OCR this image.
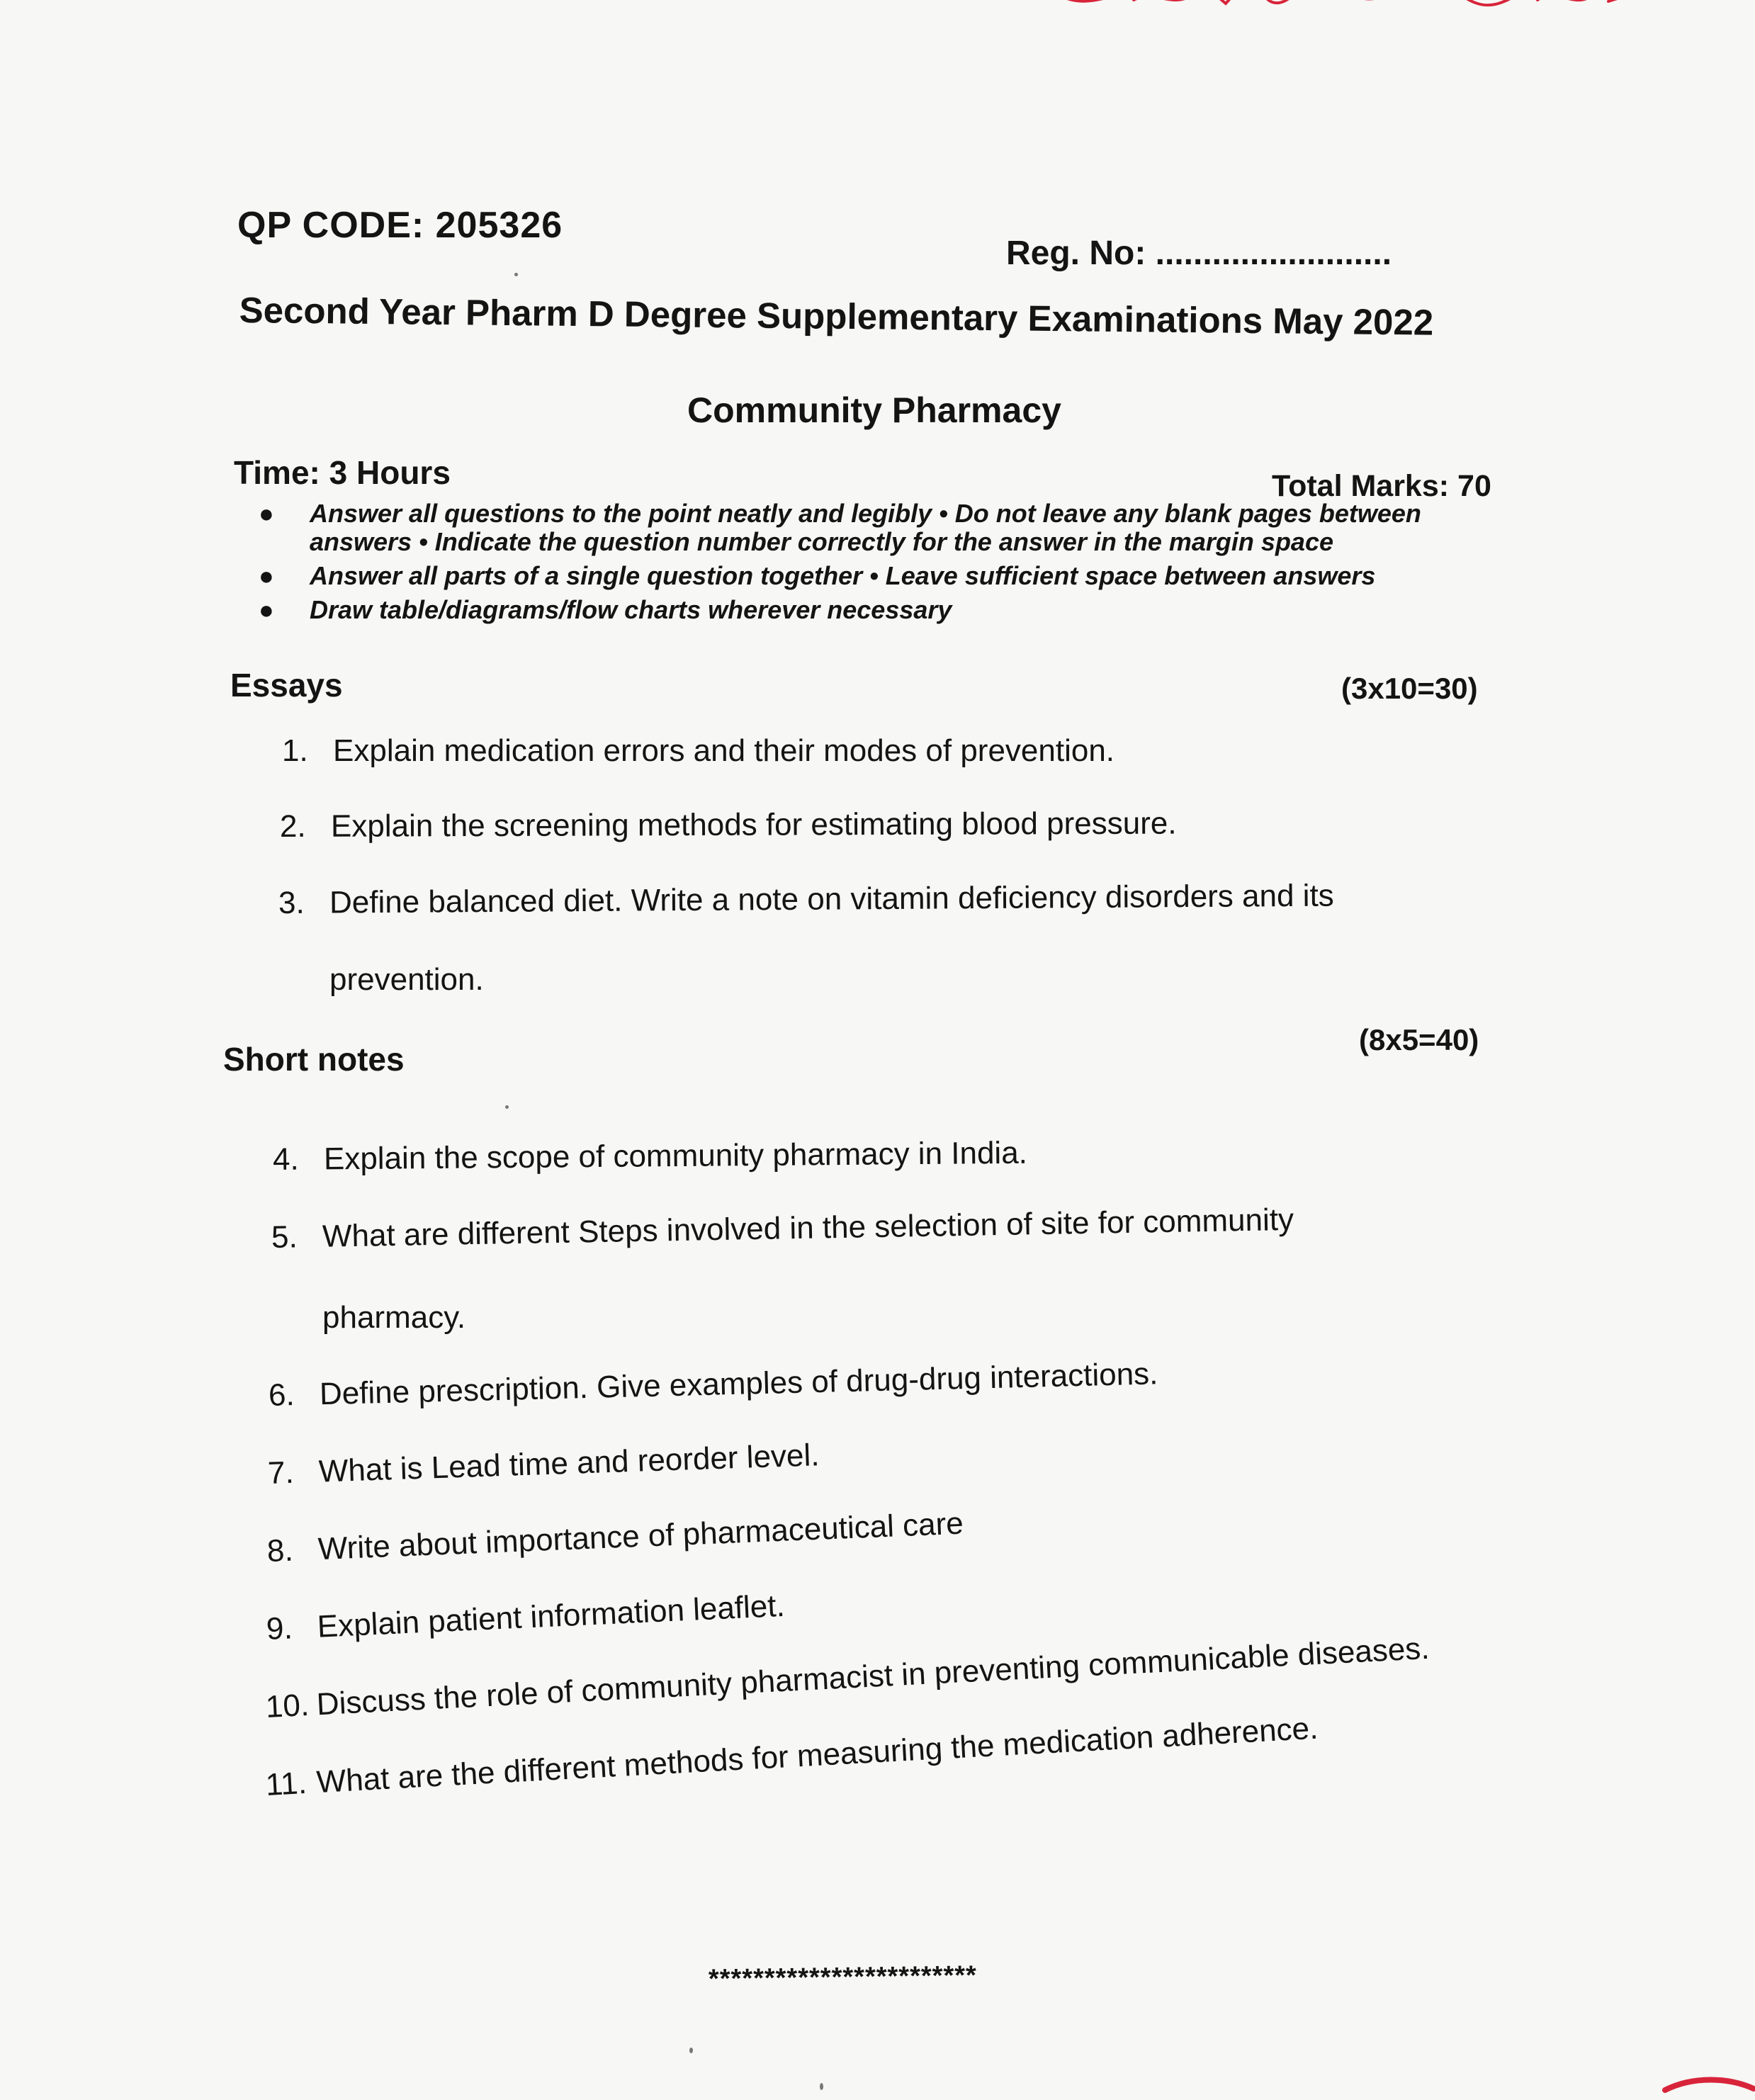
QP CODE: 205326
Reg. No: .........................
Second Year Pharm D Degree Supplementary Examinations May 2022
Community Pharmacy
Time: 3 Hours	Total Marks: 70
● Answer all questions to the point neatly and legibly • Do not leave any blank pages between answers • Indicate the question number correctly for the answer in the margin space
● Answer all parts of a single question together • Leave sufficient space between answers
● Draw table/diagrams/flow charts wherever necessary
Essays	(3x10=30)
1. Explain medication errors and their modes of prevention.
2. Explain the screening methods for estimating blood pressure.
3. Define balanced diet. Write a note on vitamin deficiency disorders and its
prevention.
Short notes
(8x5=40)
4. Explain the scope of community pharmacy in India.
5. What are different Steps involved in the selection of site for community
pharmacy.
6. Define prescription. Give examples of drug-drug interactions.
7. What is Lead time and reorder level.
8. Write about importance of pharmaceutical care
9. Explain patient information leaflet.
10. Discuss the role of community pharmacist in preventing communicable diseases.
11. What are the different methods for measuring the medication adherence.
************************
